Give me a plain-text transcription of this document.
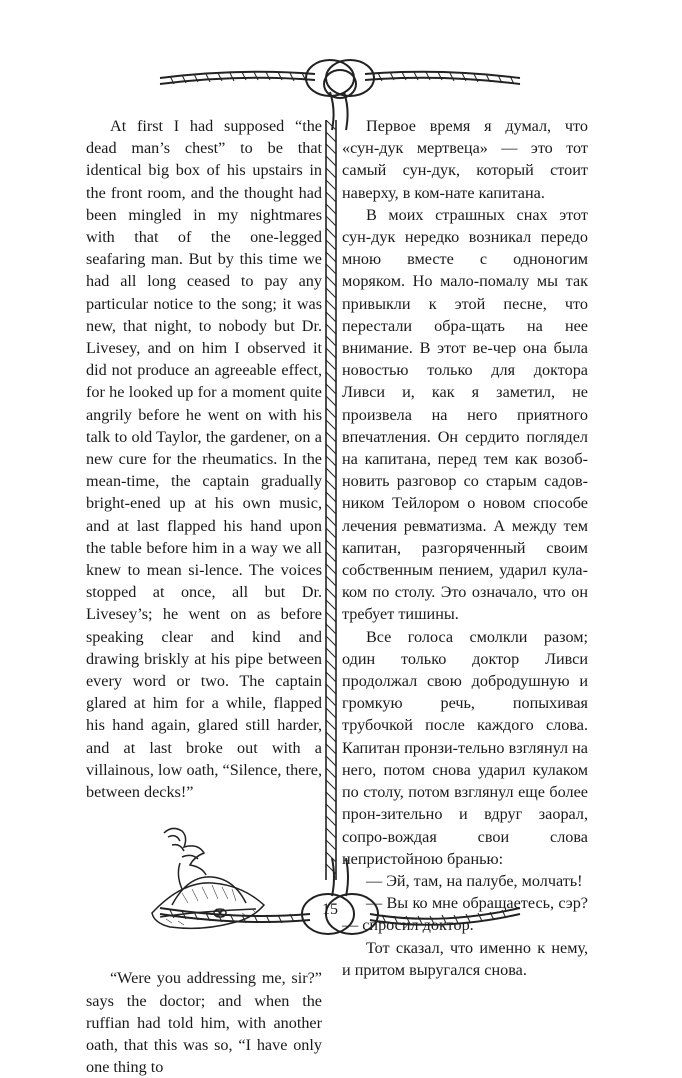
At first I had supposed “the dead man’s chest” to be that identical big box of his upstairs in the front room, and the thought had been mingled in my nightmares with that of the one-legged seafaring man. But by this time we had all long ceased to pay any particular notice to the song; it was new, that night, to nobody but Dr. Livesey, and on him I observed it did not produce an agreeable effect, for he looked up for a moment quite angrily before he went on with his talk to old Taylor, the gardener, on a new cure for the rheumatics. In the mean-time, the captain gradually bright-ened up at his own music, and at last flapped his hand upon the table before him in a way we all knew to mean si-lence. The voices stopped at once, all but Dr. Livesey’s; he went on as before speaking clear and kind and drawing briskly at his pipe between every word or two. The captain glared at him for a while, flapped his hand again, glared still harder, and at last broke out with a villainous, low oath, “Silence, there, between decks!”

“Were you addressing me, sir?” says the doctor; and when the ruffian had told him, with another oath, that this was so, “I have only one thing to

Первое время я думал, что «сун-дук мертвеца» — это тот самый сун-дук, который стоит наверху, в ком-нате капитана.

В моих страшных снах этот сун-дук нередко возникал передо мною вместе с одноногим моряком. Но мало-помалу мы так привыкли к этой песне, что перестали обра-щать на нее внимание. В этот ве-чер она была новостью только для доктора Ливси и, как я заметил, не произвела на него приятного впечатления. Он сердито поглядел на капитана, перед тем как возоб-новить разговор со старым садов-ником Тейлором о новом способе лечения ревматизма. А между тем капитан, разгоряченный своим собственным пением, ударил кула-ком по столу. Это означало, что он требует тишины.

Все голоса смолкли разом; один только доктор Ливси продолжал свою добродушную и громкую речь, попыхивая трубочкой после каждого слова. Капитан пронзи-тельно взглянул на него, потом снова ударил кулаком по столу, потом взглянул еще более прон-зительно и вдруг заорал, сопро-вождая свои слова непристойною бранью:

— Эй, там, на палубе, молчать!

— Вы ко мне обращаетесь, сэр? — спросил доктор.

Тот сказал, что именно к нему, и притом выругался снова.

15
